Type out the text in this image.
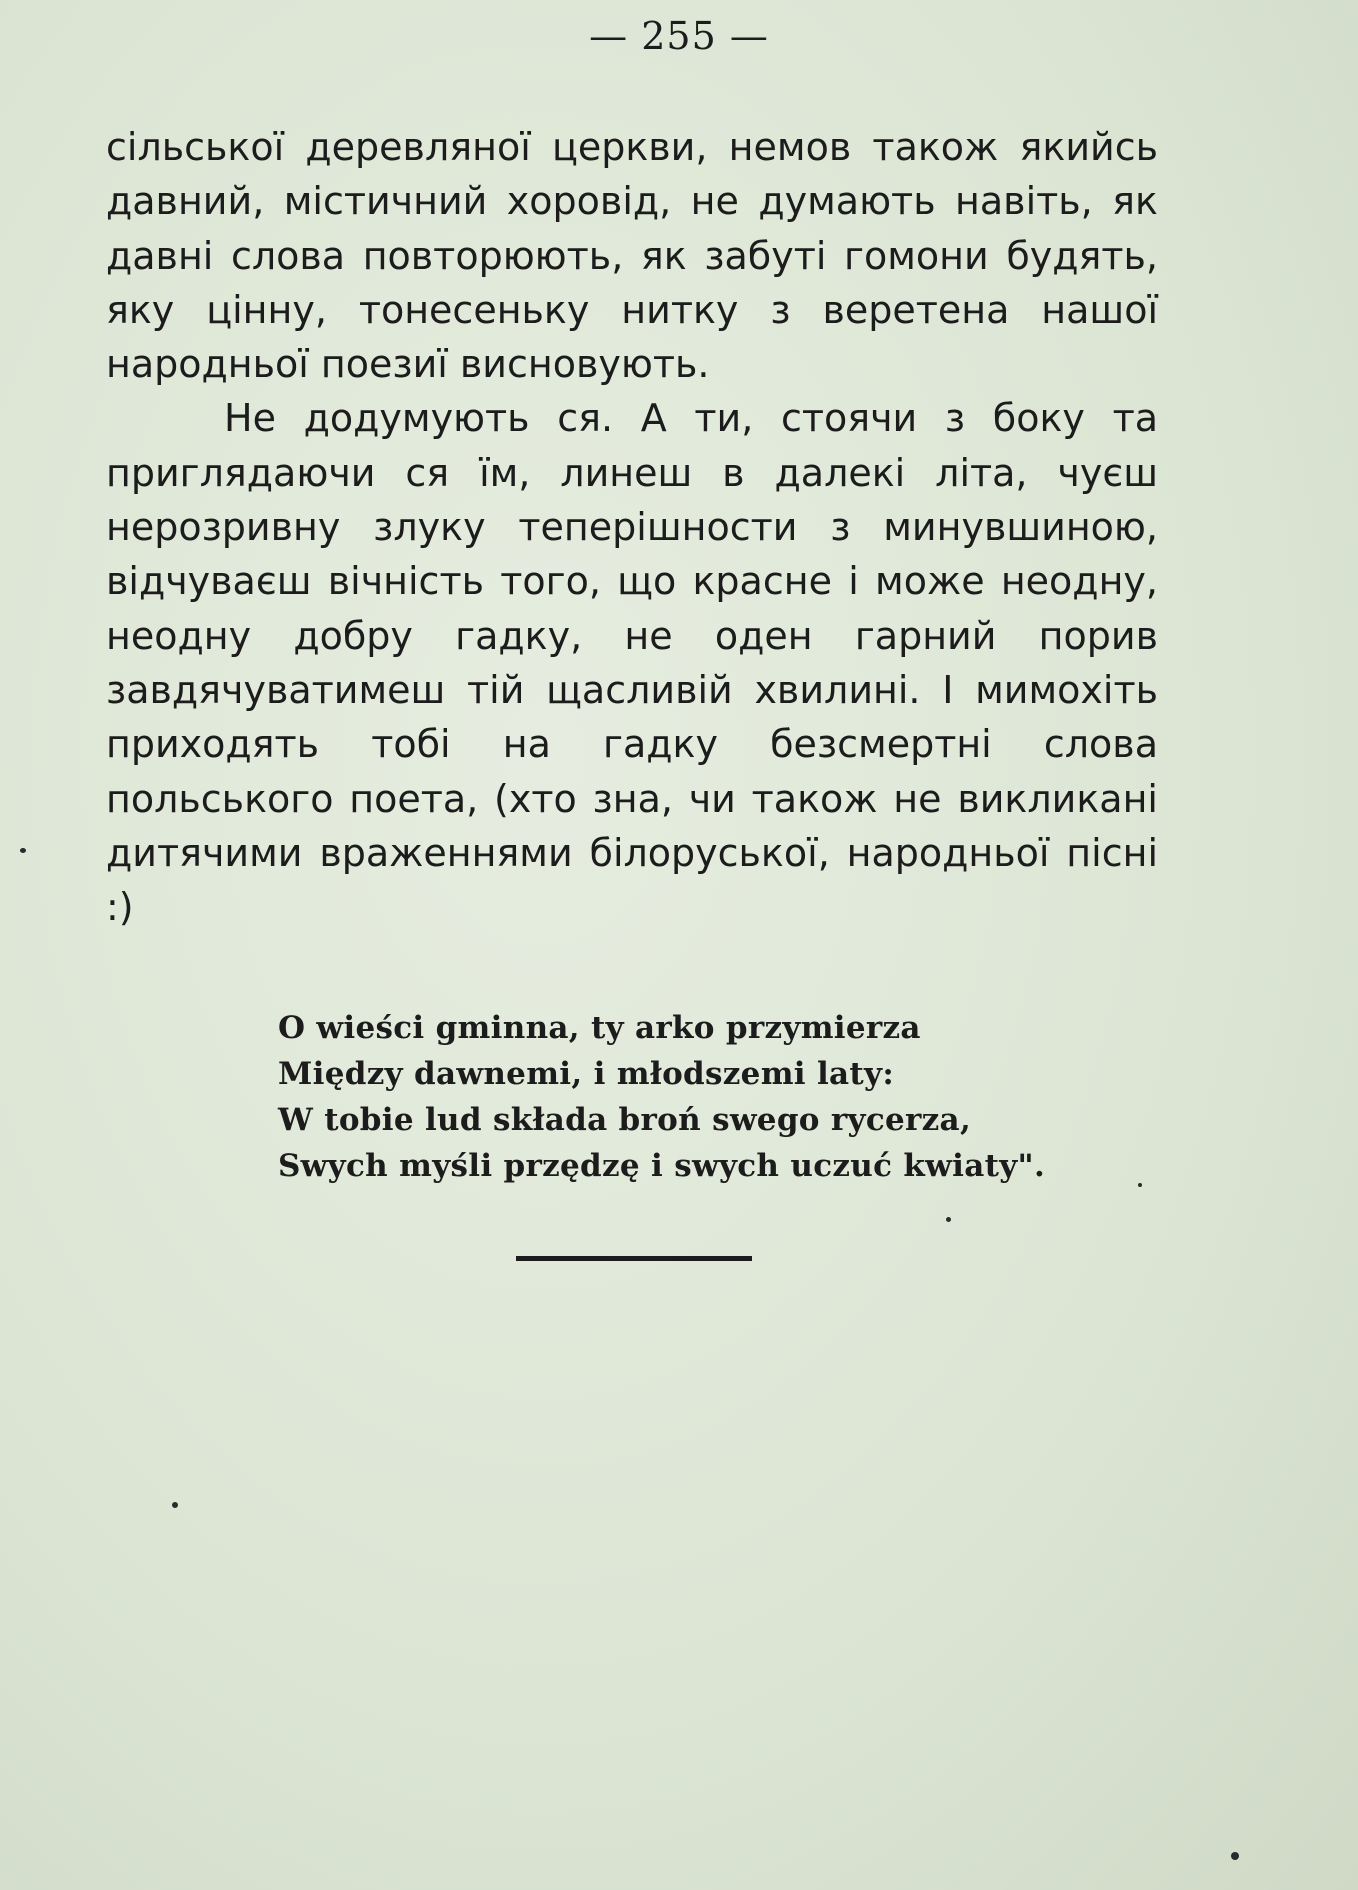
— 255 —

сільської деревляної церкви, немов також якийсь давний, містичний хоровід, не думають навіть, як давні слова повторюють, як забуті гомони будять, яку цінну, тонесеньку нитку з веретена нашої народньої поезиї висновують.

Не додумують ся. А ти, стоячи з боку та приглядаючи ся їм, линеш в далекі літа, чуєш нерозривну злуку теперішности з минувшиною, відчуваєш вічність того, що красне і може неодну, неодну добру гадку, не оден гарний порив завдячуватимеш тій щасливій хвилині. І мимохіть приходять тобі на гадку безсмертні слова польського поета, (хто зна, чи також не викликані дитячими враженнями білоруської, народньої пісні :)

O wieści gminna, ty arko przymierza
Między dawnemi, i młodszemi laty:
W tobie lud składa broń swego rycerza,
Swych myśli przędzę i swych uczuć kwiaty".
